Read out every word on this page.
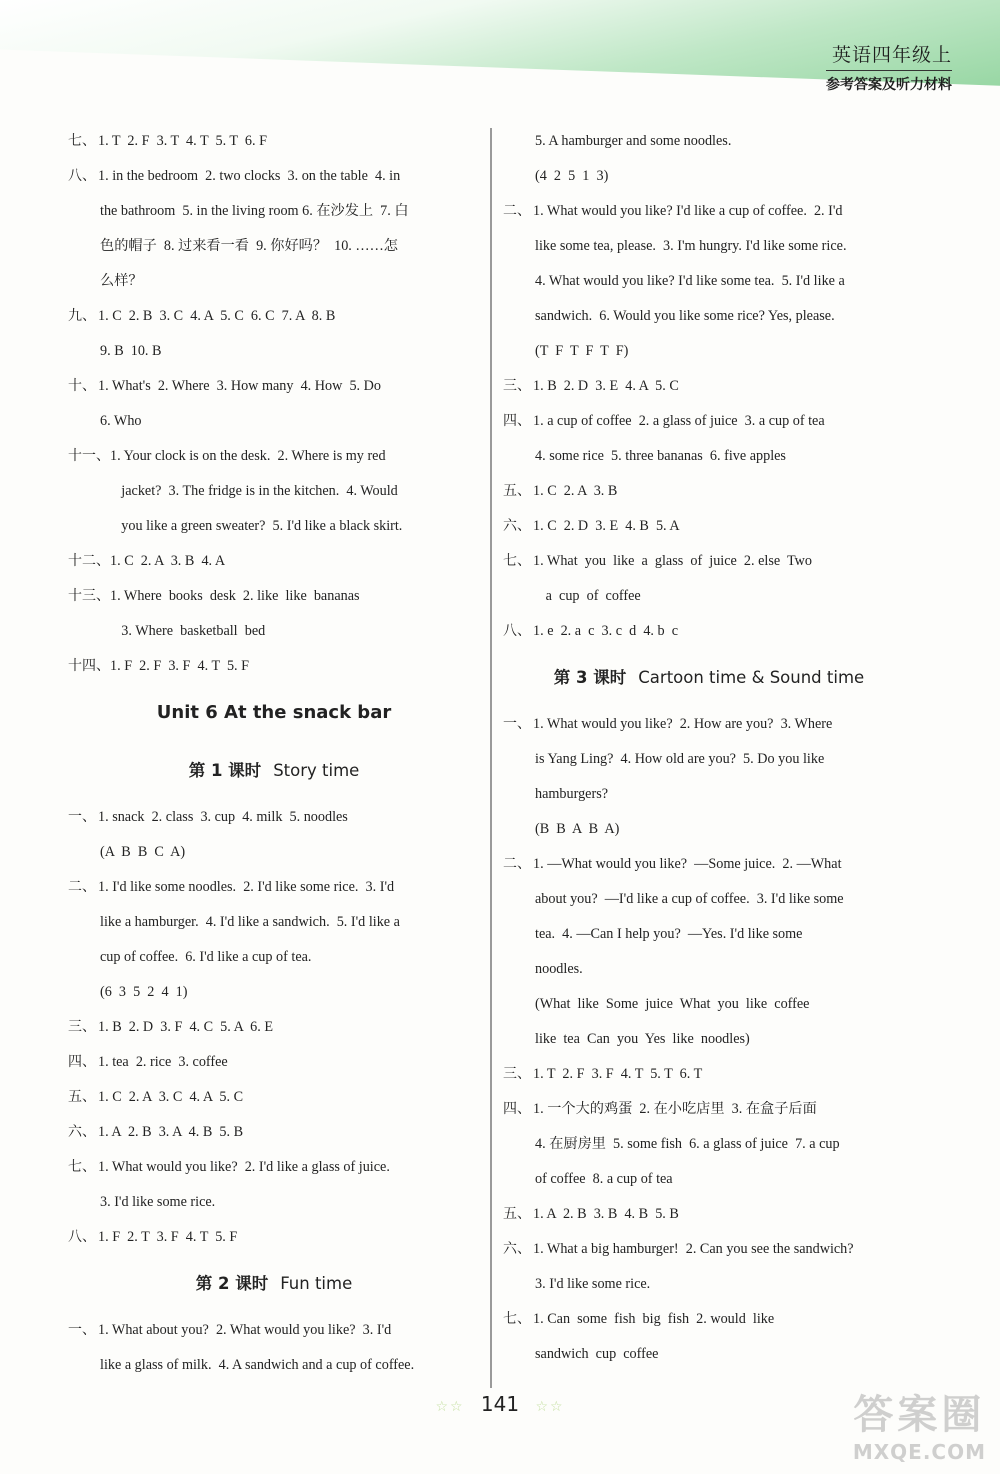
英语四年级上
参考答案及听力材料
七、 1. T  2. F  3. T  4. T  5. T  6. F
八、 1. in the bedroom  2. two clocks  3. on the table  4. in
the bathroom  5. in the living room 6. 在沙发上  7. 白
色的帽子  8. 过来看一看  9. 你好吗？  10. ……怎
么样？
九、 1. C  2. B  3. C  4. A  5. C  6. C  7. A  8. B
9. B  10. B
十、 1. What's  2. Where  3. How many  4. How  5. Do
6. Who
十一、1. Your clock is on the desk.  2. Where is my red
jacket?  3. The fridge is in the kitchen.  4. Would
you like a green sweater?  5. I'd like a black skirt.
十二、1. C  2. A  3. B  4. A
十三、1. Where  books  desk  2. like  like  bananas
3. Where  basketball  bed
十四、1. F  2. F  3. F  4. T  5. F
Unit 6 At the snack bar
第 1 课时 Story time
一、 1. snack  2. class  3. cup  4. milk  5. noodles
(A  B  B  C  A)
二、 1. I'd like some noodles.  2. I'd like some rice.  3. I'd
like a hamburger.  4. I'd like a sandwich.  5. I'd like a
cup of coffee.  6. I'd like a cup of tea.
(6  3  5  2  4  1)
三、 1. B  2. D  3. F  4. C  5. A  6. E
四、 1. tea  2. rice  3. coffee
五、 1. C  2. A  3. C  4. A  5. C
六、 1. A  2. B  3. A  4. B  5. B
七、 1. What would you like?  2. I'd like a glass of juice.
3. I'd like some rice.
八、 1. F  2. T  3. F  4. T  5. F
第 2 课时 Fun time
一、 1. What about you?  2. What would you like?  3. I'd
like a glass of milk.  4. A sandwich and a cup of coffee.
5. A hamburger and some noodles.
(4  2  5  1  3)
二、 1. What would you like? I'd like a cup of coffee.  2. I'd
like some tea, please.  3. I'm hungry. I'd like some rice.
4. What would you like? I'd like some tea.  5. I'd like a
sandwich.  6. Would you like some rice? Yes, please.
(T  F  T  F  T  F)
三、 1. B  2. D  3. E  4. A  5. C
四、 1. a cup of coffee  2. a glass of juice  3. a cup of tea
4. some rice  5. three bananas  6. five apples
五、 1. C  2. A  3. B
六、 1. C  2. D  3. E  4. B  5. A
七、 1. What  you  like  a  glass  of  juice  2. else  Two
a  cup  of  coffee
八、 1. e  2. a  c  3. c  d  4. b  c
第 3 课时 Cartoon time & Sound time
一、 1. What would you like?  2. How are you?  3. Where
is Yang Ling?  4. How old are you?  5. Do you like
hamburgers?
(B  B  A  B  A)
二、 1. —What would you like?  —Some juice.  2. —What
about you?  —I'd like a cup of coffee.  3. I'd like some
tea.  4. —Can I help you?  —Yes. I'd like some
noodles.
(What  like  Some  juice  What  you  like  coffee
like  tea  Can  you  Yes  like  noodles)
三、 1. T  2. F  3. F  4. T  5. T  6. T
四、 1. 一个大的鸡蛋  2. 在小吃店里  3. 在盒子后面
4. 在厨房里  5. some fish  6. a glass of juice  7. a cup
of coffee  8. a cup of tea
五、 1. A  2. B  3. B  4. B  5. B
六、 1. What a big hamburger!  2. Can you see the sandwich?
3. I'd like some rice.
七、 1. Can  some  fish  big  fish  2. would  like
sandwich  cup  coffee
☆☆ 141 ☆☆	答案圈
MXQE.COM
